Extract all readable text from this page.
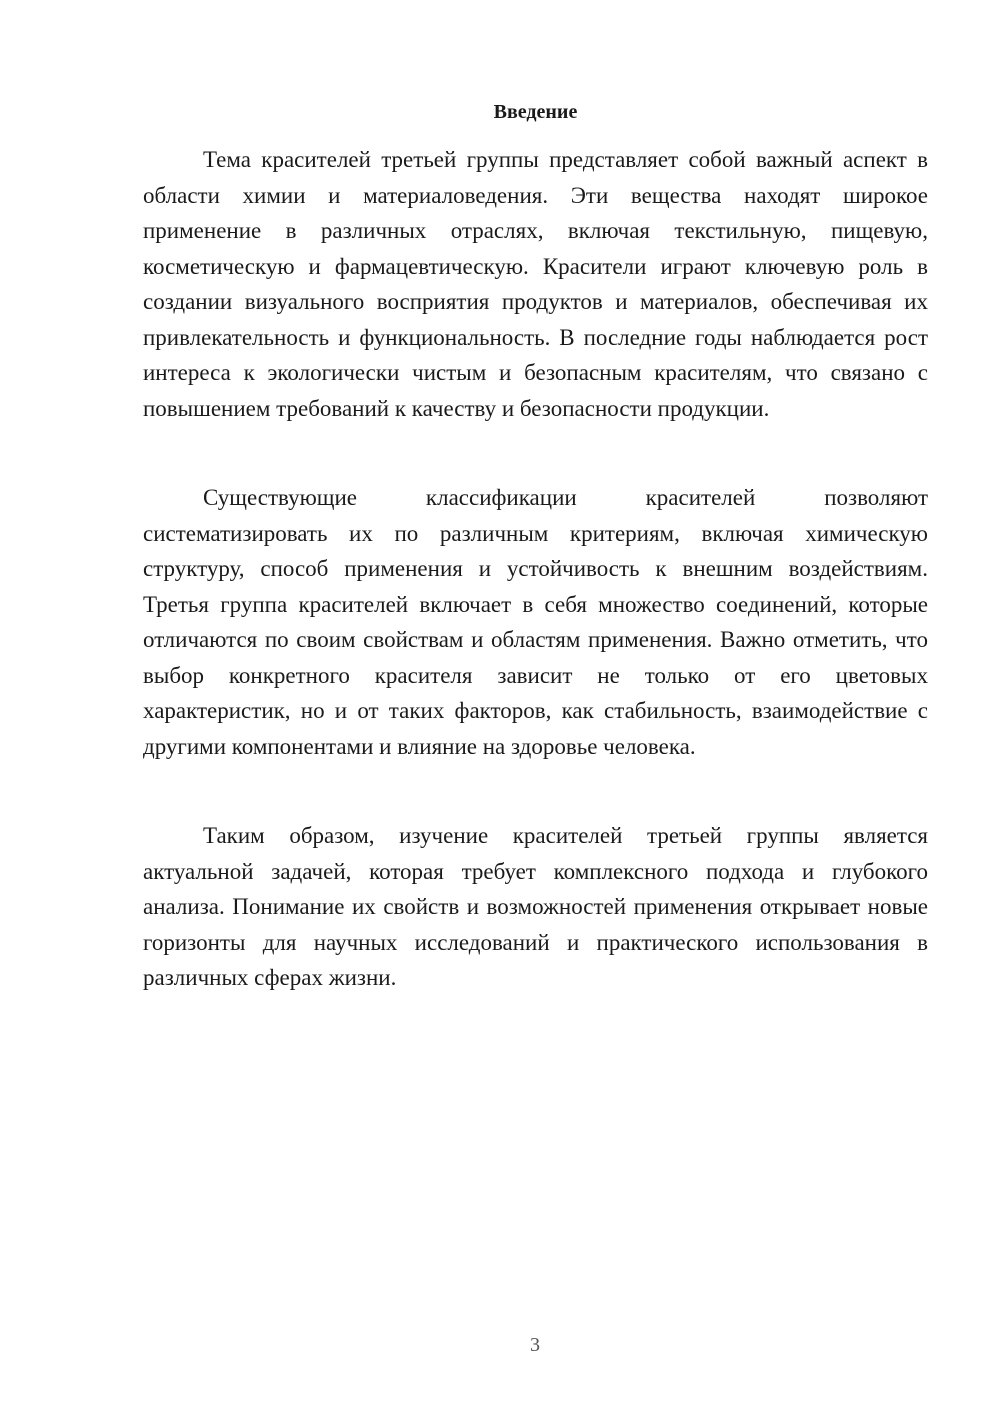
Введение

Тема красителей третьей группы представляет собой важный аспект в области химии и материаловедения. Эти вещества находят широкое применение в различных отраслях, включая текстильную, пищевую, косметическую и фармацевтическую. Красители играют ключевую роль в создании визуального восприятия продуктов и материалов, обеспечивая их привлекательность и функциональность. В последние годы наблюдается рост интереса к экологически чистым и безопасным красителям, что связано с повышением требований к качеству и безопасности продукции.

Существующие классификации красителей позволяют систематизировать их по различным критериям, включая химическую структуру, способ применения и устойчивость к внешним воздействиям. Третья группа красителей включает в себя множество соединений, которые отличаются по своим свойствам и областям применения. Важно отметить, что выбор конкретного красителя зависит не только от его цветовых характеристик, но и от таких факторов, как стабильность, взаимодействие с другими компонентами и влияние на здоровье человека.

Таким образом, изучение красителей третьей группы является актуальной задачей, которая требует комплексного подхода и глубокого анализа. Понимание их свойств и возможностей применения открывает новые горизонты для научных исследований и практического использования в различных сферах жизни.

3
